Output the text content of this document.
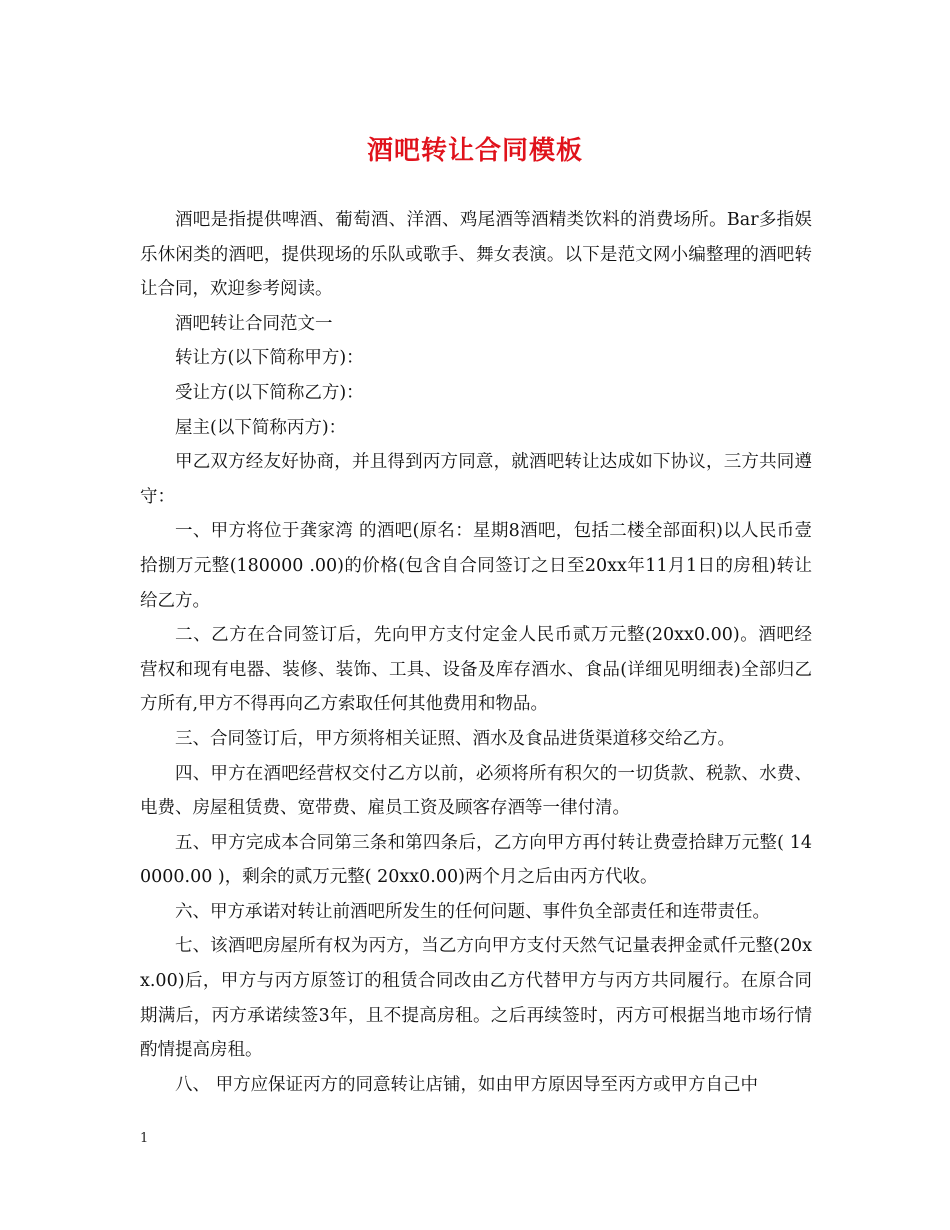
酒吧转让合同模板

酒吧是指提供啤酒、葡萄酒、洋酒、鸡尾酒等酒精类饮料的消费场所。Bar多指娱乐休闲类的酒吧，提供现场的乐队或歌手、舞女表演。以下是范文网小编整理的酒吧转让合同，欢迎参考阅读。

酒吧转让合同范文一

转让方(以下简称甲方)：

受让方(以下简称乙方)：

屋主(以下简称丙方)：

甲乙双方经友好协商，并且得到丙方同意，就酒吧转让达成如下协议，三方共同遵守：

一、甲方将位于龚家湾 的酒吧(原名：星期8酒吧，包括二楼全部面积)以人民币壹拾捌万元整(180000 .00)的价格(包含自合同签订之日至20xx年11月1日的房租)转让给乙方。

二、乙方在合同签订后，先向甲方支付定金人民币贰万元整(20xx0.00)。酒吧经营权和现有电器、装修、装饰、工具、设备及库存酒水、食品(详细见明细表)全部归乙方所有,甲方不得再向乙方索取任何其他费用和物品。

三、合同签订后，甲方须将相关证照、酒水及食品进货渠道移交给乙方。

四、甲方在酒吧经营权交付乙方以前，必须将所有积欠的一切货款、税款、水费、电费、房屋租赁费、宽带费、雇员工资及顾客存酒等一律付清。

五、甲方完成本合同第三条和第四条后，乙方向甲方再付转让费壹拾肆万元整( 140000.00 )，剩余的贰万元整( 20xx0.00)两个月之后由丙方代收。

六、甲方承诺对转让前酒吧所发生的任何问题、事件负全部责任和连带责任。

七、该酒吧房屋所有权为丙方，当乙方向甲方支付天然气记量表押金贰仟元整(20xx.00)后，甲方与丙方原签订的租赁合同改由乙方代替甲方与丙方共同履行。在原合同期满后，丙方承诺续签3年，且不提高房租。之后再续签时，丙方可根据当地市场行情酌情提高房租。

八、 甲方应保证丙方的同意转让店铺，如由甲方原因导至丙方或甲方自己中

1
